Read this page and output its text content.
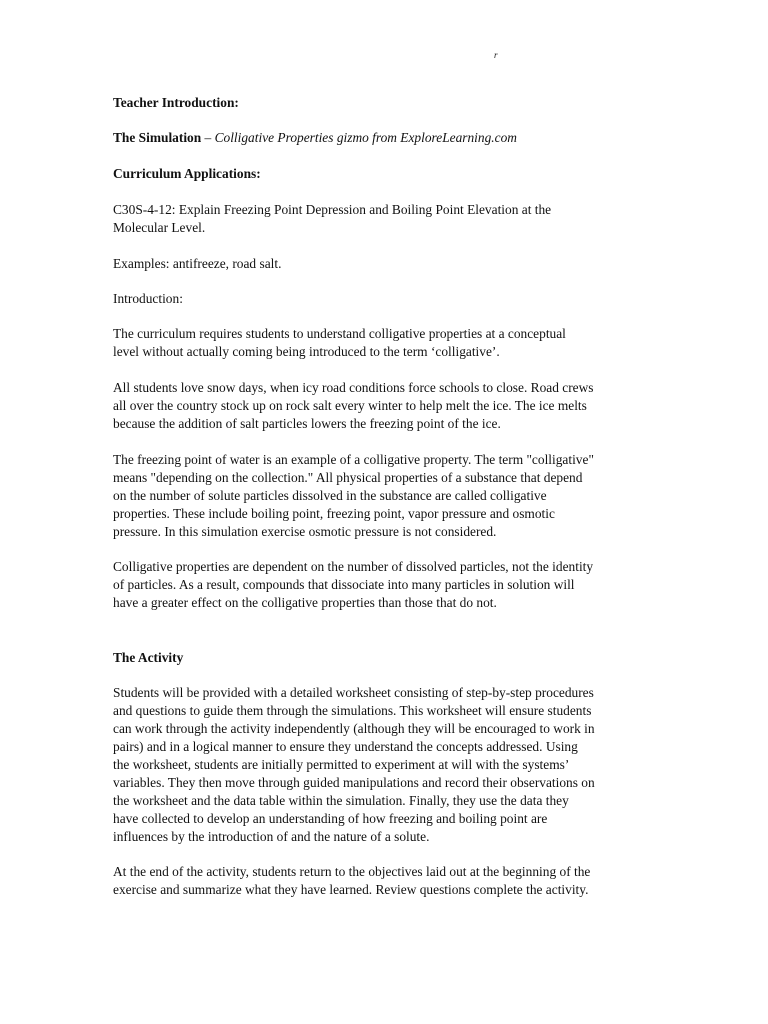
r

Teacher Introduction:

The Simulation – Colligative Properties gizmo from ExploreLearning.com

Curriculum Applications:

C30S-4-12: Explain Freezing Point Depression and Boiling Point Elevation at the

Molecular Level.

Examples: antifreeze, road salt.

Introduction:

The curriculum requires students to understand colligative properties at a conceptual

level without actually coming being introduced to the term ‘colligative’.

All students love snow days, when icy road conditions force schools to close. Road crews

all over the country stock up on rock salt every winter to help melt the ice. The ice melts

because the addition of salt particles lowers the freezing point of the ice.

The freezing point of water is an example of a colligative property. The term "colligative"

means "depending on the collection." All physical properties of a substance that depend

on the number of solute particles dissolved in the substance are called colligative

properties. These include boiling point, freezing point, vapor pressure and osmotic

pressure. In this simulation exercise osmotic pressure is not considered.

Colligative properties are dependent on the number of dissolved particles, not the identity

of particles. As a result, compounds that dissociate into many particles in solution will

have a greater effect on the colligative properties than those that do not.

The Activity

Students will be provided with a detailed worksheet consisting of step-by-step procedures

and questions to guide them through the simulations. This worksheet will ensure students

can work through the activity independently (although they will be encouraged to work in

pairs) and in a logical manner to ensure they understand the concepts addressed. Using

the worksheet, students are initially permitted to experiment at will with the systems’

variables. They then move through guided manipulations and record their observations on

the worksheet and the data table within the simulation. Finally, they use the data they

have collected to develop an understanding of how freezing and boiling point are

influences by the introduction of and the nature of a solute.

At the end of the activity, students return to the objectives laid out at the beginning of the

exercise and summarize what they have learned. Review questions complete the activity.
